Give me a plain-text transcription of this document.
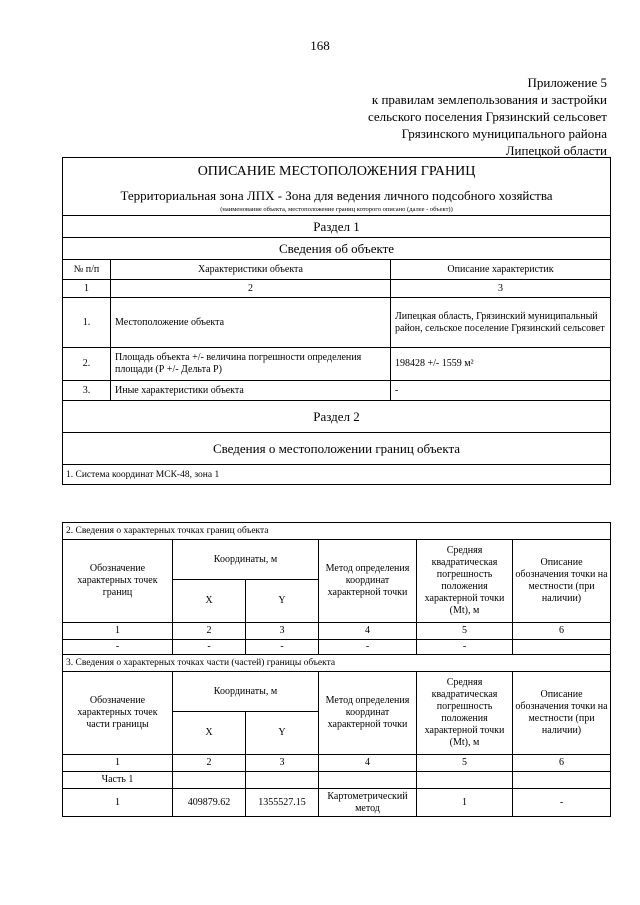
168
Приложение 5
к правилам землепользования и застройки
сельского поселения Грязинский сельсовет
Грязинского муниципального района
Липецкой области
ОПИСАНИЕ МЕСТОПОЛОЖЕНИЯ ГРАНИЦ		
Территориальная зона ЛПХ - Зона для ведения личного подсобного хозяйства		
(наименование объекта, местоположение границ которого описано (далее - объект))		
Раздел 1		
Сведения об объекте		
№ п/п	Характеристики объекта	Описание характеристик
1	2	3
1.	Местоположение объекта	Липецкая область, Грязинский муниципальный район, сельское поселение Грязинский сельсовет
2.	Площадь объекта +/- величина погрешности определения площади (Р +/- Дельта Р)	198428 +/- 1559 м²
3.	Иные характеристики объекта	-
Раздел 2		
Сведения о местоположении границ объекта		
1. Система координат МСК-48, зона 1		
2. Сведения о характерных точках границ объекта					
Обозначение характерных точек границ	Координаты, м		Метод определения координат характерной точки	Средняя квадратическая погрешность положения характерной точки (Mt), м	Описание обозначения точки на местности (при наличии)
	X	Y			
1	2	3	4	5	6
-	-	-	-	-	
3. Сведения о характерных точках части (частей) границы объекта					
Обозначение характерных точек части границы	Координаты, м		Метод определения координат характерной точки	Средняя квадратическая погрешность положения характерной точки (Mt), м	Описание обозначения точки на местности (при наличии)
	X	Y			
1	2	3	4	5	6
Часть 1					
1	409879.62	1355527.15	Картометрический метод	1	-
